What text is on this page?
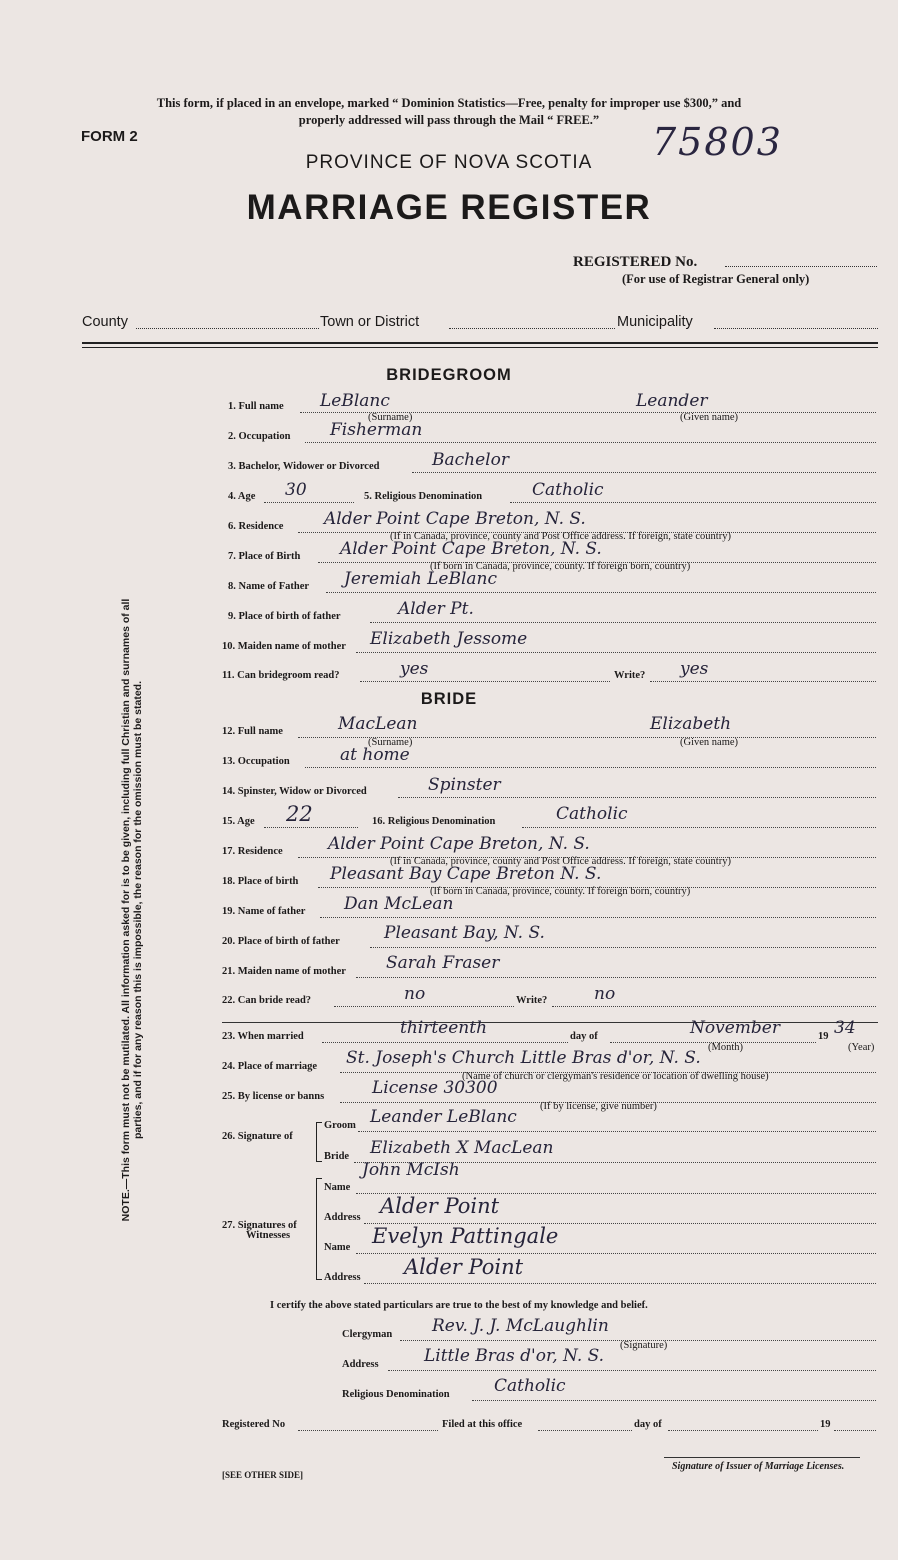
This form, if placed in an envelope, marked “ Dominion Statistics—Free, penalty for improper use $300,” and
properly addressed will pass through the Mail “ FREE.”
FORM 2	75803
PROVINCE OF NOVA SCOTIA
MARRIAGE REGISTER
REGISTERED No.
(For use of Registrar General only)
County	Town or District	Municipality
NOTE.—This form must not be mutilated. All information asked for is to be given, including full Christian and surnames of all parties, and if for any reason this is impossible, the reason for the omission must be stated.
BRIDEGROOM
1. Full name LeBlanc	Leander
(Surname)	(Given name)
2. Occupation Fisherman
3. Bachelor, Widower or Divorced	Bachelor
4. Age 30	5. Religious Denomination	Catholic
6. Residence Alder Point Cape Breton, N. S.
(If in Canada, province, county and Post Office address. If foreign, state country)
7. Place of Birth Alder Point Cape Breton, N. S.
(If born in Canada, province, county. If foreign born, country)
8. Name of Father Jeremiah LeBlanc
9. Place of birth of father	Alder Pt.
10. Maiden name of mother Elizabeth Jessome
11. Can bridegroom read?	yes	Write? yes
BRIDE
12. Full name	MacLean	Elizabeth
(Surname)	(Given name)
13. Occupation	at home
14. Spinster, Widow or Divorced	Spinster
15. Age 22	16. Religious Denomination	Catholic
17. Residence	Alder Point Cape Breton, N. S.
(If in Canada, province, county and Post Office address. If foreign, state country)
18. Place of birth Pleasant Bay Cape Breton N. S.
(If born in Canada, province, county. If foreign born, country)
19. Name of father Dan McLean
20. Place of birth of father	Pleasant Bay, N. S.
21. Maiden name of mother Sarah Fraser
22. Can bride read?	no	Write?	no
23. When married	thirteenth	day of	November	19 34
(Month)	(Year)
24. Place of marriage St. Joseph's Church Little Bras d'or, N. S.
(Name of church or clergyman's residence or location of dwelling house)
25. By license or banns	License 30300
(If by license, give number)
26. Signature of
Groom Leander LeBlanc
Bride Elizabeth X MacLean
27. Signatures of
Witnesses
Name
John McIsh
Address Alder Point
Name Evelyn Pattingale
Address Alder Point
I certify the above stated particulars are true to the best of my knowledge and belief.
Clergyman Rev. J. J. McLaughlin
(Signature)
Address	Little Bras d'or, N. S.
Religious Denomination	Catholic
Registered No	Filed at this office	day of	19
Signature of Issuer of Marriage Licenses.
[SEE OTHER SIDE]
